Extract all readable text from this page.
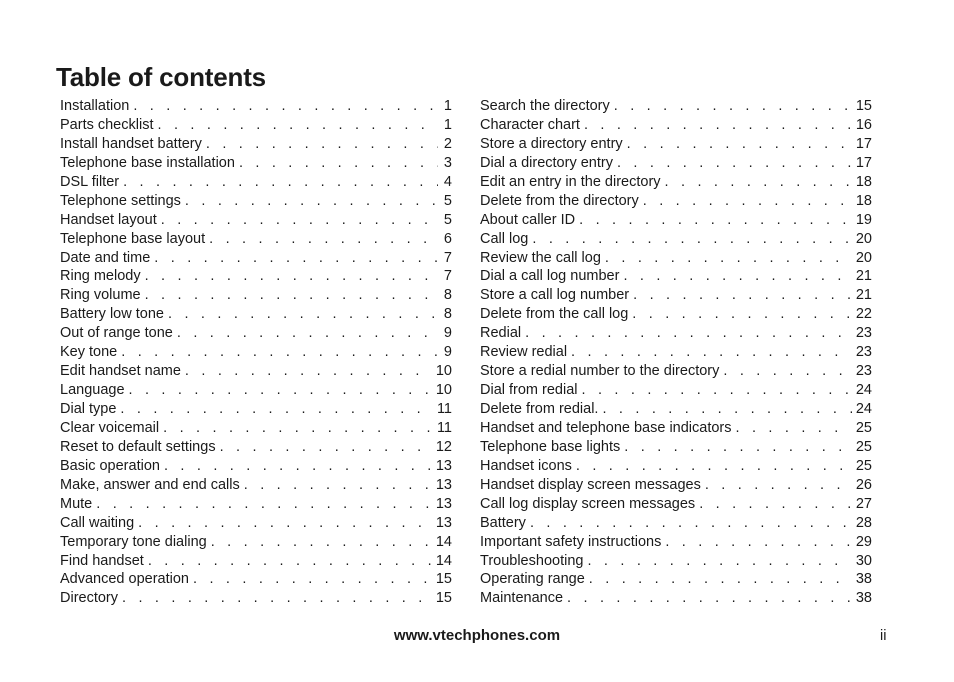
Table of contents
Installation . . .	1
Parts checklist . . .	1
Install handset battery . . .	2
Telephone base installation . . .	3
DSL filter . . .	4
Telephone settings . . .	5
Handset layout . . .	5
Telephone base layout . . .	6
Date and time . . .	7
Ring melody . . .	7
Ring volume . . .	8
Battery low tone . . .	8
Out of range tone . . .	9
Key tone . . .	9
Edit handset name . . .	10
Language . . .	10
Dial type . . .	11
Clear voicemail . . .	11
Reset to default settings . . .	12
Basic operation . . .	13
Make, answer and end calls . . .	13
Mute . . .	13
Call waiting . . .	13
Temporary tone dialing . . .	14
Find handset . . .	14
Advanced operation . . .	15
Directory . . .	15
Search the directory . . .	15
Character chart . . .	16
Store a directory entry . . .	17
Dial a directory entry . . .	17
Edit an entry in the directory . . .	18
Delete from the directory . . .	18
About caller ID . . .	19
Call log . . .	20
Review the call log . . .	20
Dial a call log number . . .	21
Store a call log number . . .	21
Delete from the call log . . .	22
Redial . . .	23
Review redial . . .	23
Store a redial number to the directory . . .	23
Dial from redial . . .	24
Delete from redial. . . .	24
Handset and telephone base indicators . . .	25
Telephone base lights . . .	25
Handset icons . . .	25
Handset display screen messages . . .	26
Call log display screen messages . . .	27
Battery . . .	28
Important safety instructions . . .	29
Troubleshooting . . .	30
Operating range . . .	38
Maintenance . . .	38
www.vtechphones.com	ii
